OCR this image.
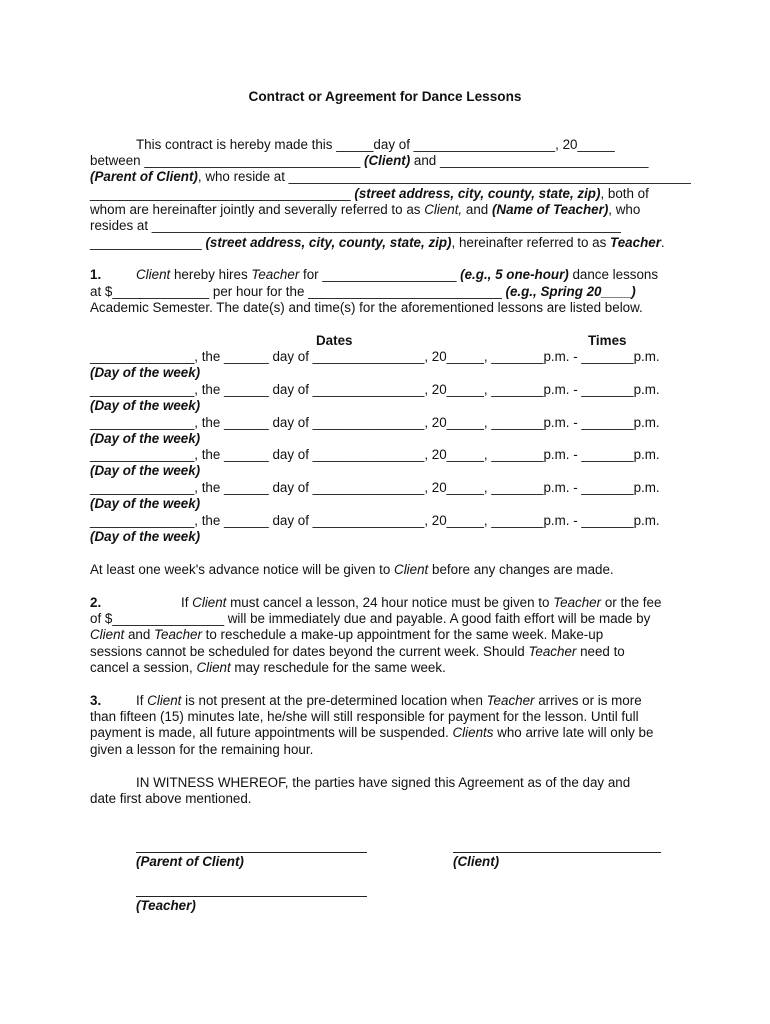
Contract or Agreement for Dance Lessons
This contract is hereby made this _____day of ___________________, 20_____
between _____________________________ (Client) and ____________________________
(Parent of Client), who reside at ______________________________________________________
___________________________________ (street address, city, county, state, zip), both of
whom are hereinafter jointly and severally referred to as Client, and (Name of Teacher), who
resides at _______________________________________________________________
_______________ (street address, city, county, state, zip), hereinafter referred to as Teacher.
1.	Client hereby hires Teacher for __________________ (e.g., 5 one-hour) dance lessons
at $_____________ per hour for the __________________________ (e.g., Spring 20____)
Academic Semester. The date(s) and time(s) for the aforementioned lessons are listed below.
Dates	Times
______________, the ______ day of _______________, 20_____, _______p.m. - _______p.m.
(Day of the week)
______________, the ______ day of _______________, 20_____, _______p.m. - _______p.m.
(Day of the week)
______________, the ______ day of _______________, 20_____, _______p.m. - _______p.m.
(Day of the week)
______________, the ______ day of _______________, 20_____, _______p.m. - _______p.m.
(Day of the week)
______________, the ______ day of _______________, 20_____, _______p.m. - _______p.m.
(Day of the week)
______________, the ______ day of _______________, 20_____, _______p.m. - _______p.m.
(Day of the week)
At least one week's advance notice will be given to Client before any changes are made.
2.	If Client must cancel a lesson, 24 hour notice must be given to Teacher or the fee
of $_______________ will be immediately due and payable. A good faith effort will be made by
Client and Teacher to reschedule a make-up appointment for the same week. Make-up
sessions cannot be scheduled for dates beyond the current week. Should Teacher need to
cancel a session, Client may reschedule for the same week.
3.	If Client is not present at the pre-determined location when Teacher arrives or is more
than fifteen (15) minutes late, he/she will still responsible for payment for the lesson. Until full
payment is made, all future appointments will be suspended. Clients who arrive late will only be
given a lesson for the remaining hour.
IN WITNESS WHEREOF, the parties have signed this Agreement as of the day and
date first above mentioned.
(Parent of Client)	(Client)
(Teacher)
